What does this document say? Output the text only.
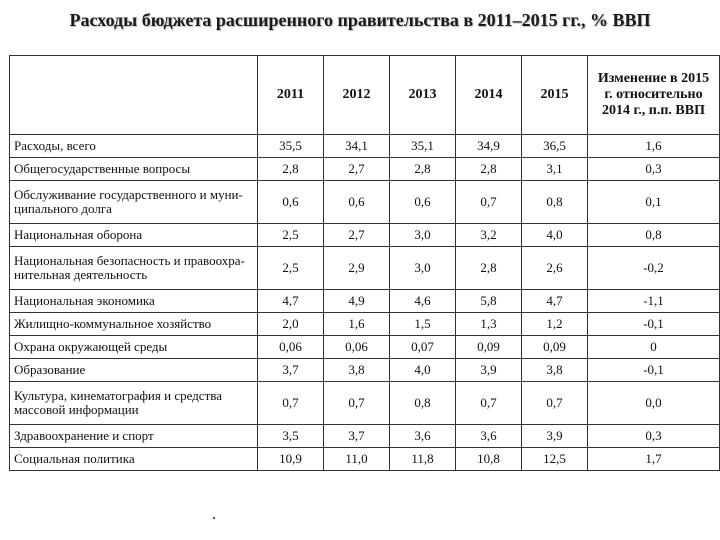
Расходы бюджета расширенного правительства в 2011–2015 гг., % ВВП
	2011	2012	2013	2014	2015	Изменение в 2015 г. относительно 2014 г., п.п. ВВП
Расходы, всего	35,5	34,1	35,1	34,9	36,5	1,6
Общегосударственные вопросы	2,8	2,7	2,8	2,8	3,1	0,3
Обслуживание государственного и муни-
ципального долга	0,6	0,6	0,6	0,7	0,8	0,1
Национальная оборона	2,5	2,7	3,0	3,2	4,0	0,8
Национальная безопасность и правоохра-
нительная деятельность	2,5	2,9	3,0	2,8	2,6	-0,2
Национальная экономика	4,7	4,9	4,6	5,8	4,7	-1,1
Жилищно-коммунальное хозяйство	2,0	1,6	1,5	1,3	1,2	-0,1
Охрана окружающей среды	0,06	0,06	0,07	0,09	0,09	0
Образование	3,7	3,8	4,0	3,9	3,8	-0,1
Культура, кинематография и средства
массовой информации	0,7	0,7	0,8	0,7	0,7	0,0
Здравоохранение и спорт	3,5	3,7	3,6	3,6	3,9	0,3
Социальная политика	10,9	11,0	11,8	10,8	12,5	1,7
